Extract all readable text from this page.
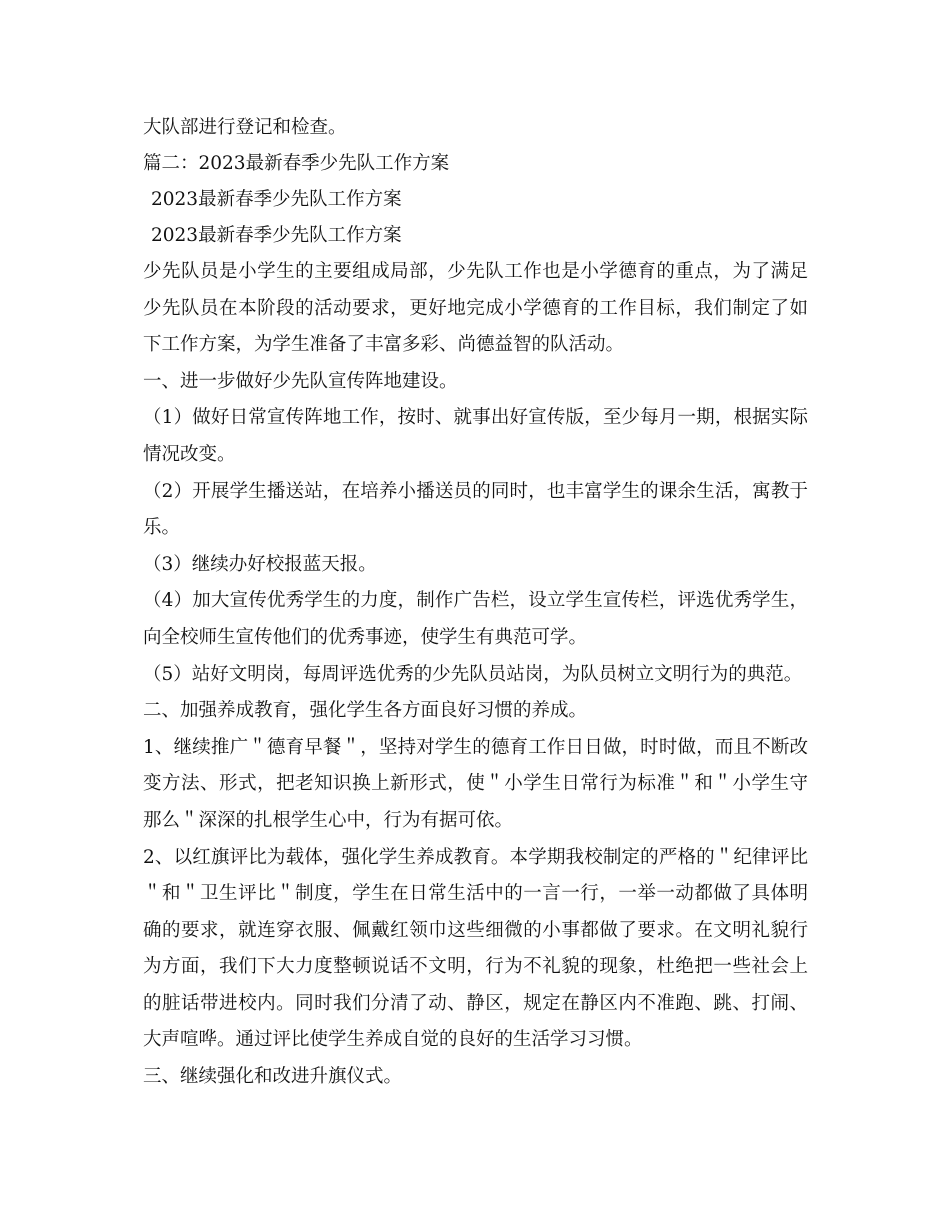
大队部进行登记和检查。
篇二：2023最新春季少先队工作方案
2023最新春季少先队工作方案
2023最新春季少先队工作方案

少先队员是小学生的主要组成局部，少先队工作也是小学德育的重点，为了满足少先队员在本阶段的活动要求，更好地完成小学德育的工作目标，我们制定了如下工作方案，为学生准备了丰富多彩、尚德益智的队活动。

一、进一步做好少先队宣传阵地建设。

（1）做好日常宣传阵地工作，按时、就事出好宣传版，至少每月一期，根据实际情况改变。

（2）开展学生播送站，在培养小播送员的同时，也丰富学生的课余生活，寓教于乐。

（3）继续办好校报蓝天报。

（4）加大宣传优秀学生的力度，制作广告栏，设立学生宣传栏，评选优秀学生，向全校师生宣传他们的优秀事迹，使学生有典范可学。

（5）站好文明岗，每周评选优秀的少先队员站岗，为队员树立文明行为的典范。

二、加强养成教育，强化学生各方面良好习惯的养成。

1、继续推广＂德育早餐＂，坚持对学生的德育工作日日做，时时做，而且不断改变方法、形式，把老知识换上新形式，使＂小学生日常行为标准＂和＂小学生守那么＂深深的扎根学生心中，行为有据可依。

2、以红旗评比为载体，强化学生养成教育。本学期我校制定的严格的＂纪律评比＂和＂卫生评比＂制度，学生在日常生活中的一言一行，一举一动都做了具体明确的要求，就连穿衣服、佩戴红领巾这些细微的小事都做了要求。在文明礼貌行为方面，我们下大力度整顿说话不文明，行为不礼貌的现象，杜绝把一些社会上的脏话带进校内。同时我们分清了动、静区，规定在静区内不准跑、跳、打闹、大声喧哗。通过评比使学生养成自觉的良好的生活学习习惯。

三、继续强化和改进升旗仪式。
